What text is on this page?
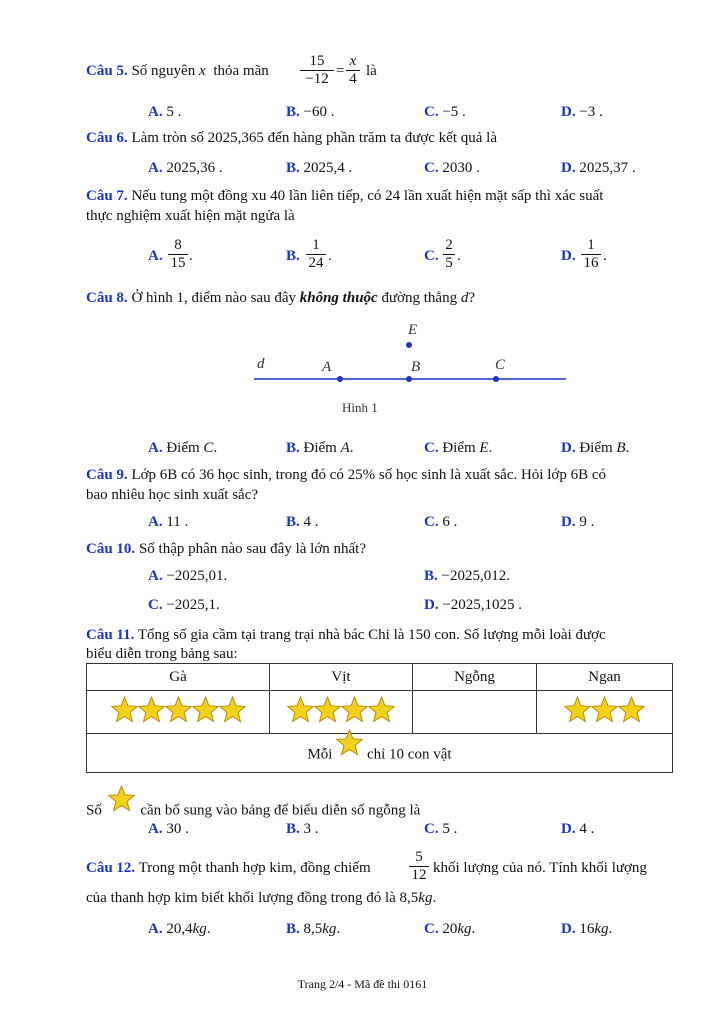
Câu 5. Số nguyên x thỏa mãn
15
−12 =
x
4 là
A. 5 .	B. −60 .	C. −5 .	D. −3 .
Câu 6. Làm tròn số 2025,365 đến hàng phần trăm ta được kết quả là
A. 2025,36 .	B. 2025,4 .	C. 2030 .	D. 2025,37 .
Câu 7. Nếu tung một đồng xu 40 lần liên tiếp, có 24 lần xuất hiện mặt sấp thì xác suất
thực nghiệm xuất hiện mặt ngửa là
A.
8
15 .	B.
1
24 .	C.
2
5 .	D.
1
16 .
Câu 8. Ở hình 1, điểm nào sau đây không thuộc đường thẳng d?
d	A	B	C
E
Hình 1
A. Điểm C.	B. Điểm A.	C. Điểm E.	D. Điểm B.
Câu 9. Lớp 6B có 36 học sinh, trong đó có 25% số học sinh là xuất sắc. Hỏi lớp 6B có
bao nhiêu học sinh xuất sắc?
A. 11 .	B. 4 .	C. 6 .	D. 9 .
Câu 10. Số thập phân nào sau đây là lớn nhất?
A. −2025,01.	B. −2025,012.
C. −2025,1.	D. −2025,1025 .
Câu 11. Tổng số gia cầm tại trang trại nhà bác Chi là 150 con. Số lượng mỗi loài được
biểu diễn trong bảng sau:
Gà	Vịt	Ngỗng	Ngan

Mỗi chỉ 10 con vật			
Số	cần bổ sung vào bảng để biểu diễn số ngỗng là
A. 30 .	B. 3 .	C. 5 .	D. 4 .
Câu 12. Trong một thanh hợp kim, đồng chiếm
5
12 khối lượng của nó. Tính khối lượng
của thanh hợp kim biết khối lượng đồng trong đó là 8,5kg.
A. 20,4kg.	B. 8,5kg.	C. 20kg.	D. 16kg.
Trang 2/4 - Mã đề thi 0161
